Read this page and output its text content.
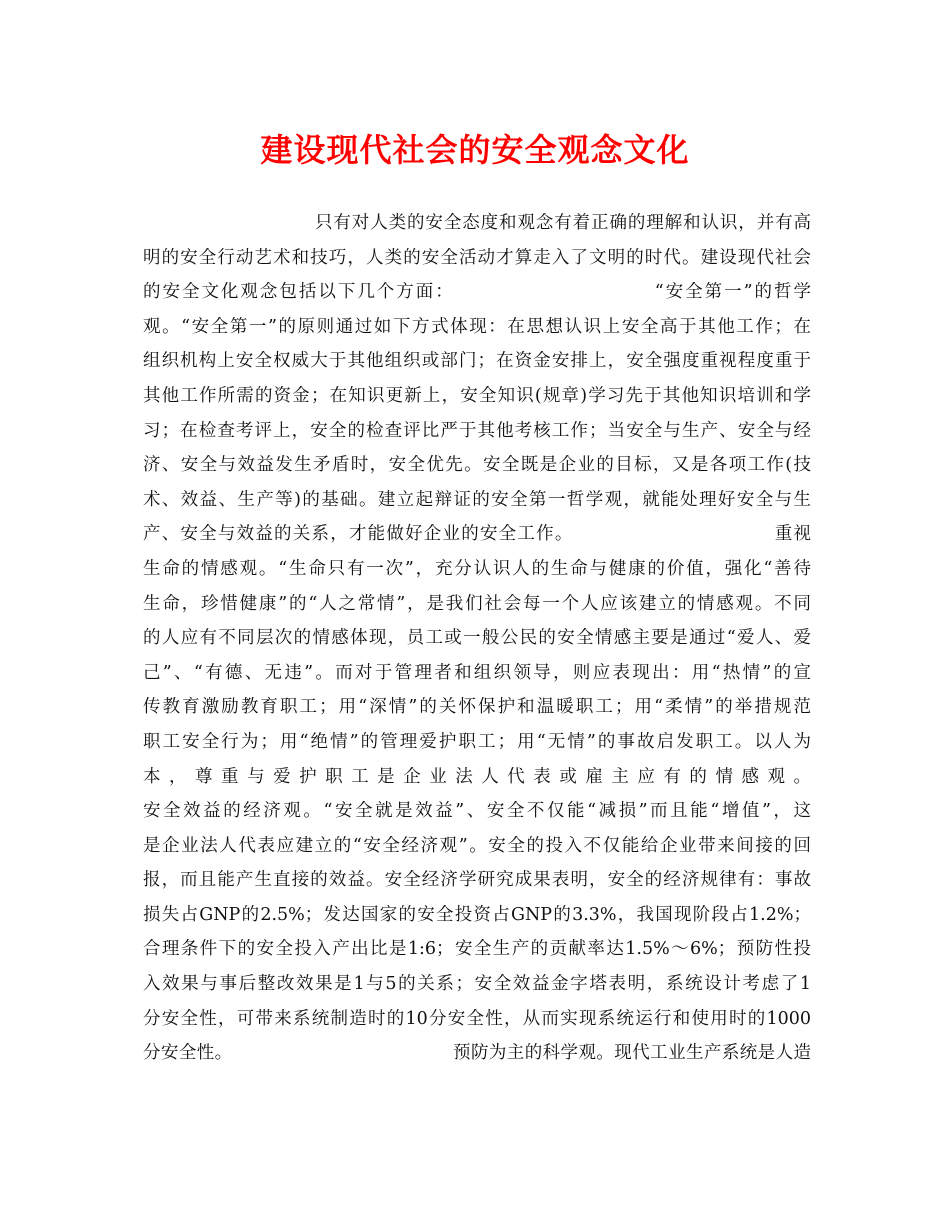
建设现代社会的安全观念文化
只有对人类的安全态度和观念有着正确的理解和认识，并有高
明的安全行动艺术和技巧，人类的安全活动才算走入了文明的时代。建设现代社会
的安全文化观念包括以下几个方面：	“安全第一”的哲学
观。“安全第一”的原则通过如下方式体现：在思想认识上安全高于其他工作；在
组织机构上安全权威大于其他组织或部门；在资金安排上，安全强度重视程度重于
其他工作所需的资金；在知识更新上，安全知识(规章)学习先于其他知识培训和学
习；在检查考评上，安全的检查评比严于其他考核工作；当安全与生产、安全与经
济、安全与效益发生矛盾时，安全优先。安全既是企业的目标，又是各项工作(技
术、效益、生产等)的基础。建立起辩证的安全第一哲学观，就能处理好安全与生
产、安全与效益的关系，才能做好企业的安全工作。	重视
生命的情感观。“生命只有一次”，充分认识人的生命与健康的价值，强化“善待
生命，珍惜健康”的“人之常情”，是我们社会每一个人应该建立的情感观。不同
的人应有不同层次的情感体现，员工或一般公民的安全情感主要是通过“爱人、爱
己”、“有德、无违”。而对于管理者和组织领导，则应表现出：用“热情”的宣
传教育激励教育职工；用“深情”的关怀保护和温暖职工；用“柔情”的举措规范
职工安全行为；用“绝情”的管理爱护职工；用“无情”的事故启发职工。以人为
本，尊重与爱护职工是企业法人代表或雇主应有的情感观。
安全效益的经济观。“安全就是效益”、安全不仅能“减损”而且能“增值”，这
是企业法人代表应建立的“安全经济观”。安全的投入不仅能给企业带来间接的回
报，而且能产生直接的效益。安全经济学研究成果表明，安全的经济规律有：事故
损失占GNP的2.5%；发达国家的安全投资占GNP的3.3%，我国现阶段占1.2%；
合理条件下的安全投入产出比是1:6；安全生产的贡献率达1.5%～6%；预防性投
入效果与事后整改效果是1与5的关系；安全效益金字塔表明，系统设计考虑了1
分安全性，可带来系统制造时的10分安全性，从而实现系统运行和使用时的1000
分安全性。	预防为主的科学观。现代工业生产系统是人造
